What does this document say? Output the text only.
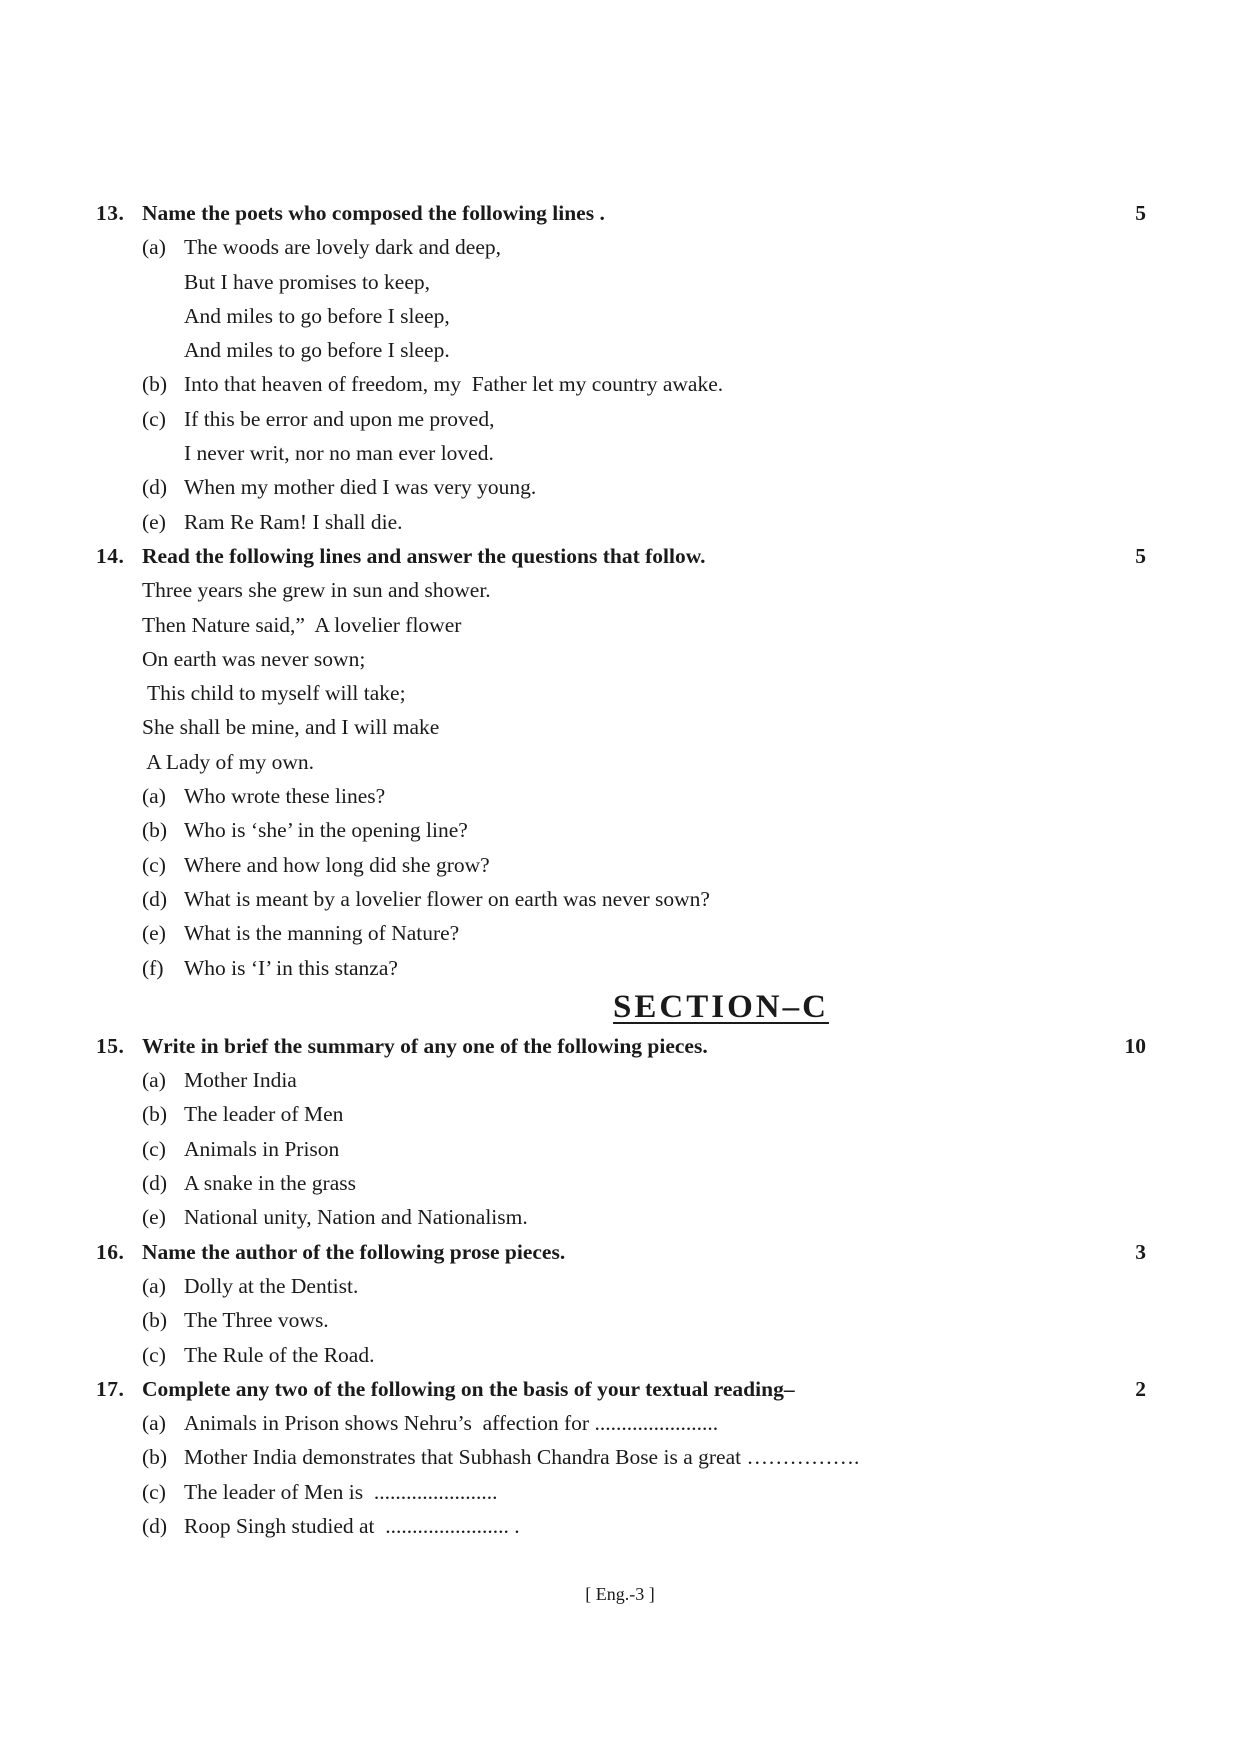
13. Name the poets who composed the following lines .	5
(a) The woods are lovely dark and deep,
But I have promises to keep,
And miles to go before I sleep,
And miles to go before I sleep.
(b) Into that heaven of freedom, my  Father let my country awake.
(c) If this be error and upon me proved,
I never writ, nor no man ever loved.
(d) When my mother died I was very young.
(e) Ram Re Ram! I shall die.
14. Read the following lines and answer the questions that follow.	5
Three years she grew in sun and shower.
Then Nature said,”  A lovelier flower
On earth was never sown;
This child to myself will take;
She shall be mine, and I will make
A Lady of my own.
(a) Who wrote these lines?
(b) Who is ‘she’ in the opening line?
(c) Where and how long did she grow?
(d) What is meant by a lovelier flower on earth was never sown?
(e) What is the manning of Nature?
(f) Who is ‘I’ in this stanza?
SECTION–C
15. Write in brief the summary of any one of the following pieces.	10
(a) Mother India
(b) The leader of Men
(c) Animals in Prison
(d) A snake in the grass
(e) National unity, Nation and Nationalism.
16. Name the author of the following prose pieces.	3
(a) Dolly at the Dentist.
(b) The Three vows.
(c) The Rule of the Road.
17. Complete any two of the following on the basis of your textual reading–	2
(a) Animals in Prison shows Nehru’s  affection for .......................
(b) Mother India demonstrates that Subhash Chandra Bose is a great …………….
(c) The leader of Men is  .......................
(d) Roop Singh studied at  ....................... .
[ Eng.-3 ]
